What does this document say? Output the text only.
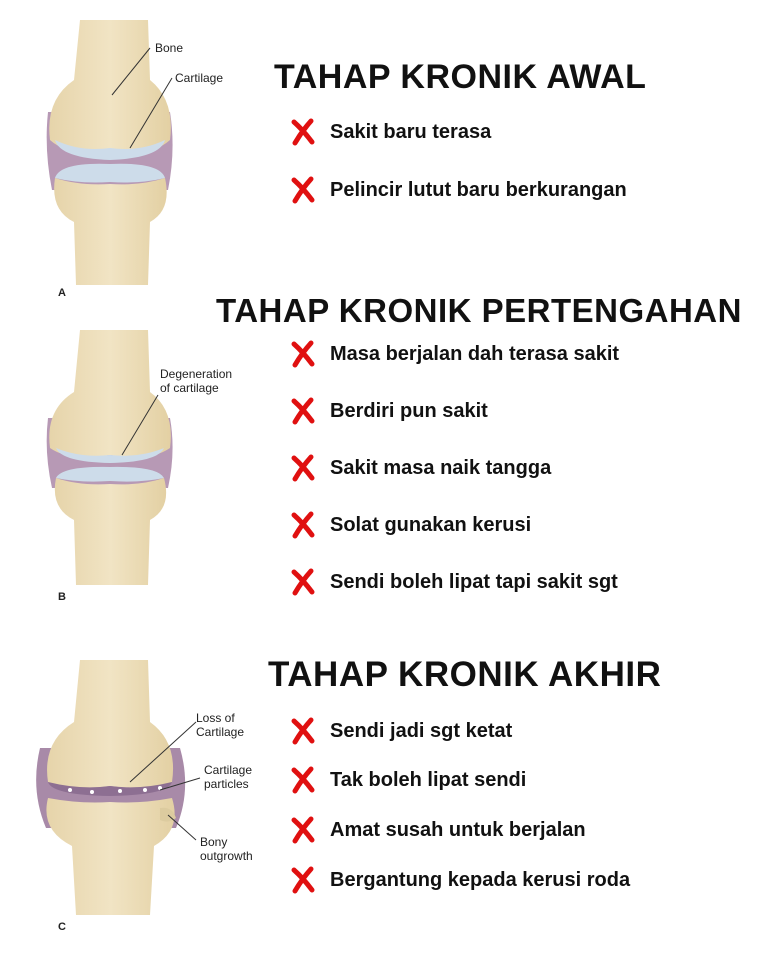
Bone
Cartilage
A
Degeneration
of cartilage
B
Loss of
Cartilage
Cartilage
particles
Bony
outgrowth
C
TAHAP KRONIK AWAL
Sakit baru terasa
Pelincir lutut baru berkurangan
TAHAP KRONIK PERTENGAHAN
Masa berjalan dah terasa sakit
Berdiri pun sakit
Sakit masa naik tangga
Solat gunakan kerusi
Sendi boleh lipat tapi sakit sgt
TAHAP KRONIK AKHIR
Sendi jadi sgt ketat
Tak boleh lipat sendi
Amat susah untuk berjalan
Bergantung kepada kerusi roda
